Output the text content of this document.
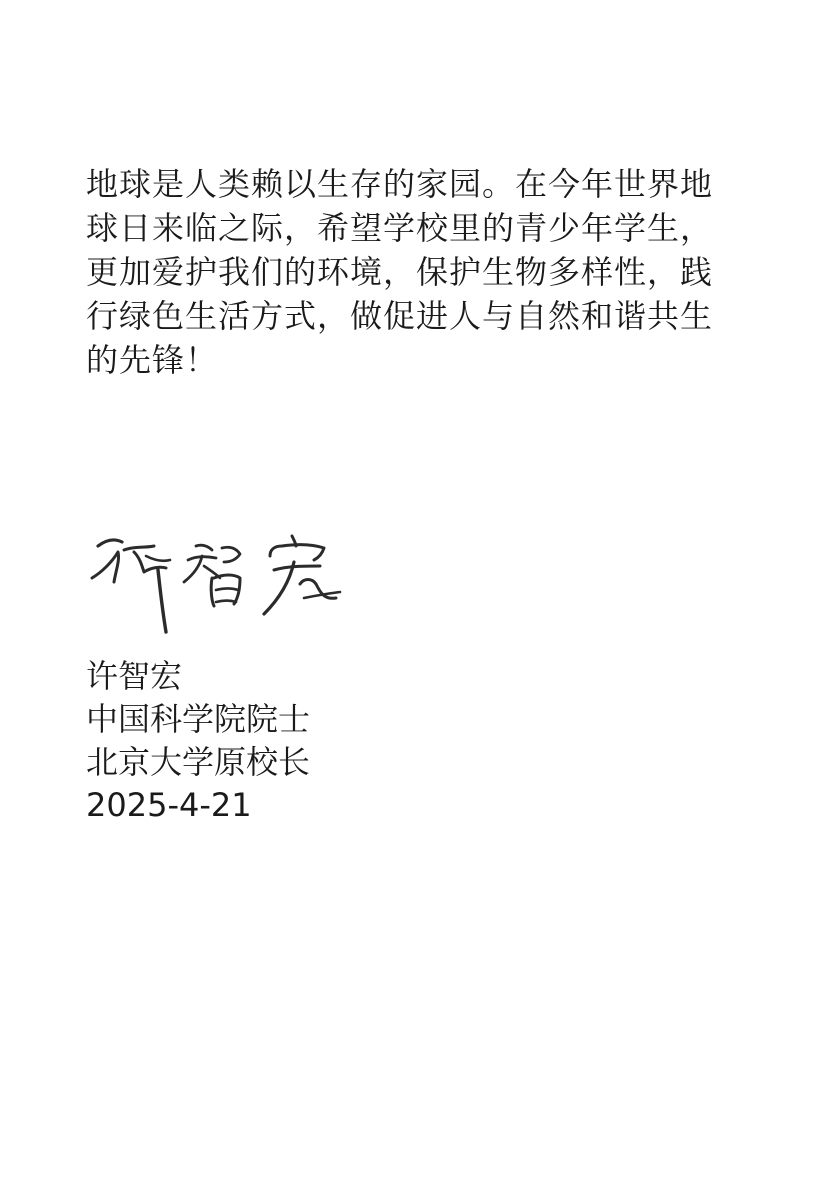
地球是人类赖以生存的家园。在今年世界地
球日来临之际，希望学校里的青少年学生，
更加爱护我们的环境，保护生物多样性，践
行绿色生活方式，做促进人与自然和谐共生
的先锋！
许智宏
中国科学院院士
北京大学原校长
2025-4-21
